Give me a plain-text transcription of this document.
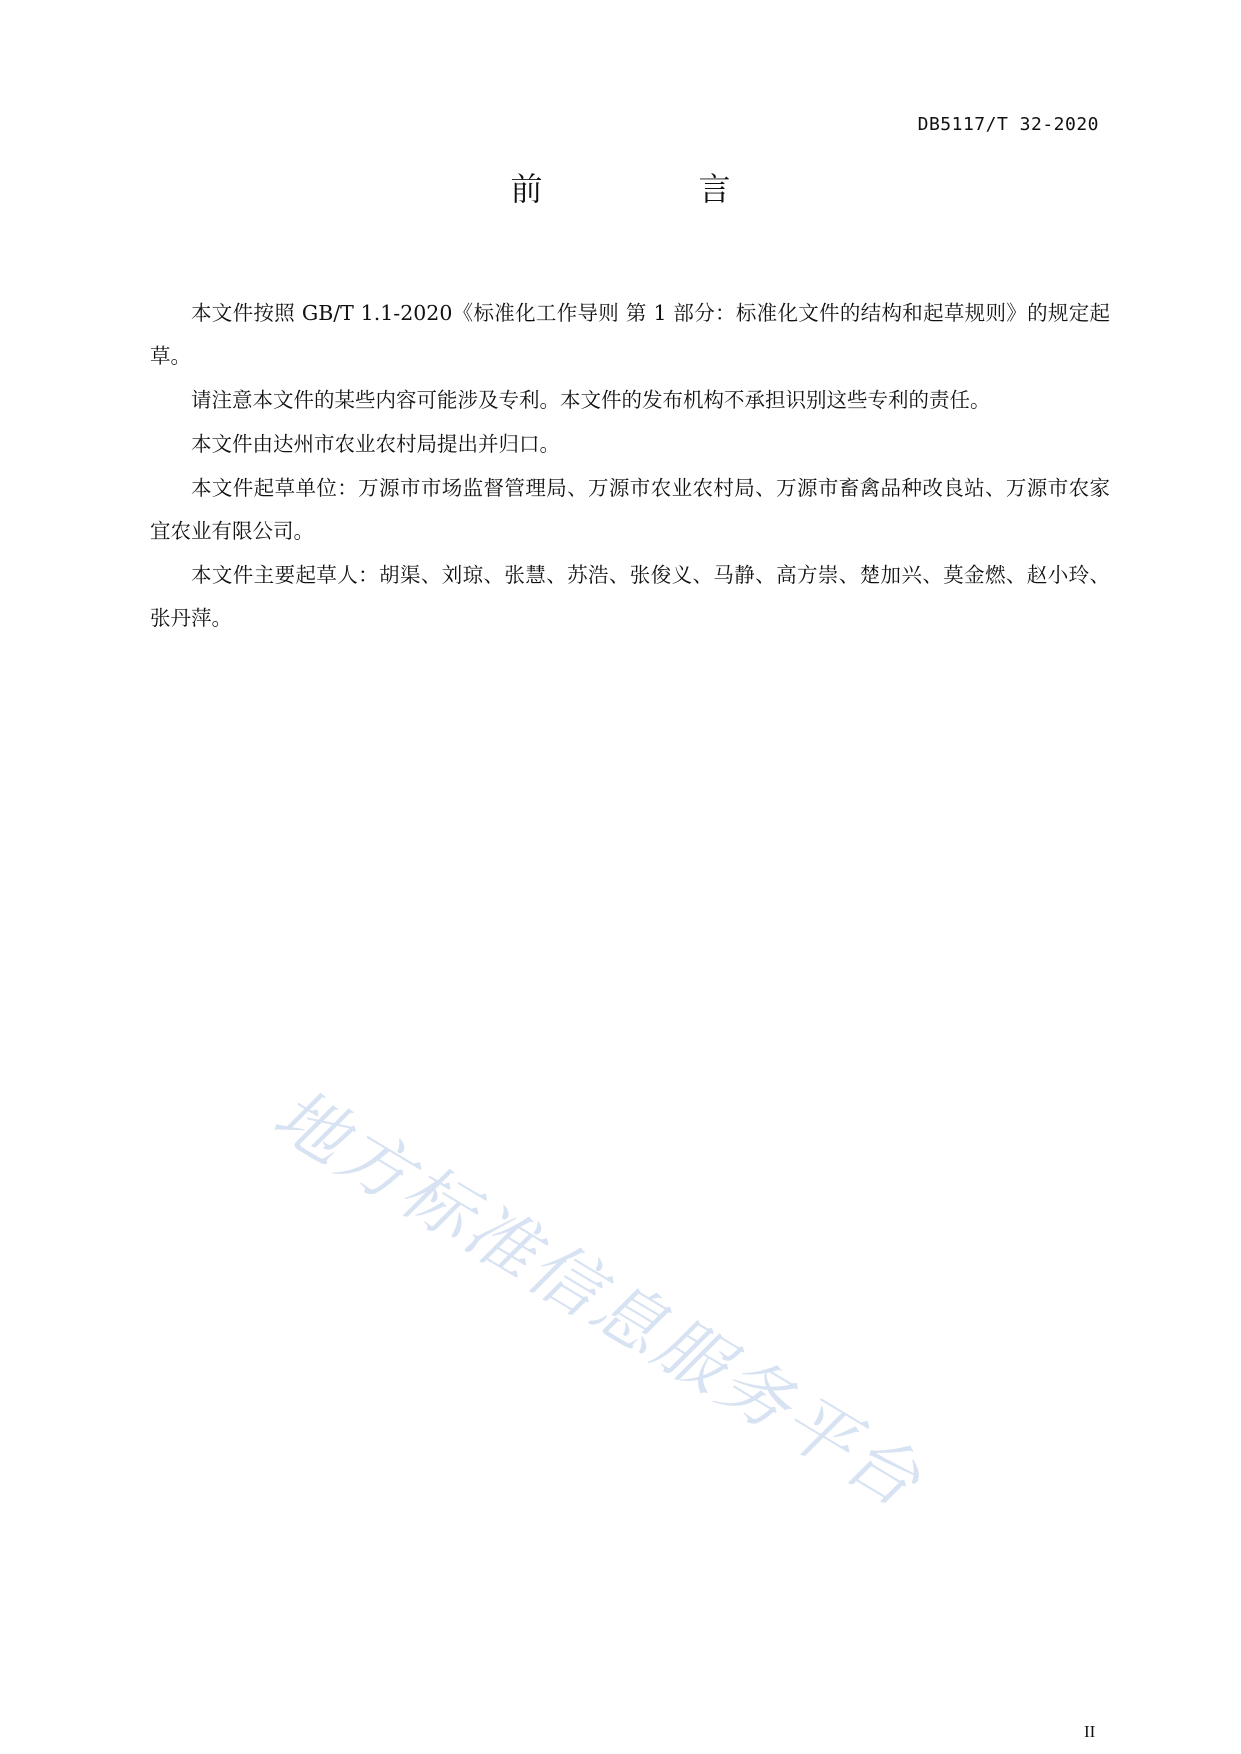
DB5117/T 32-2020
前　言

本文件按照 GB/T 1.1-2020《标准化工作导则 第 1 部分：标准化文件的结构和起草规则》的规定起草。

请注意本文件的某些内容可能涉及专利。本文件的发布机构不承担识别这些专利的责任。

本文件由达州市农业农村局提出并归口。

本文件起草单位：万源市市场监督管理局、万源市农业农村局、万源市畜禽品种改良站、万源市农家宜农业有限公司。

本文件主要起草人：胡渠、刘琼、张慧、苏浩、张俊义、马静、高方崇、楚加兴、莫金燃、赵小玲、张丹萍。

地方标准信息服务平台
II
